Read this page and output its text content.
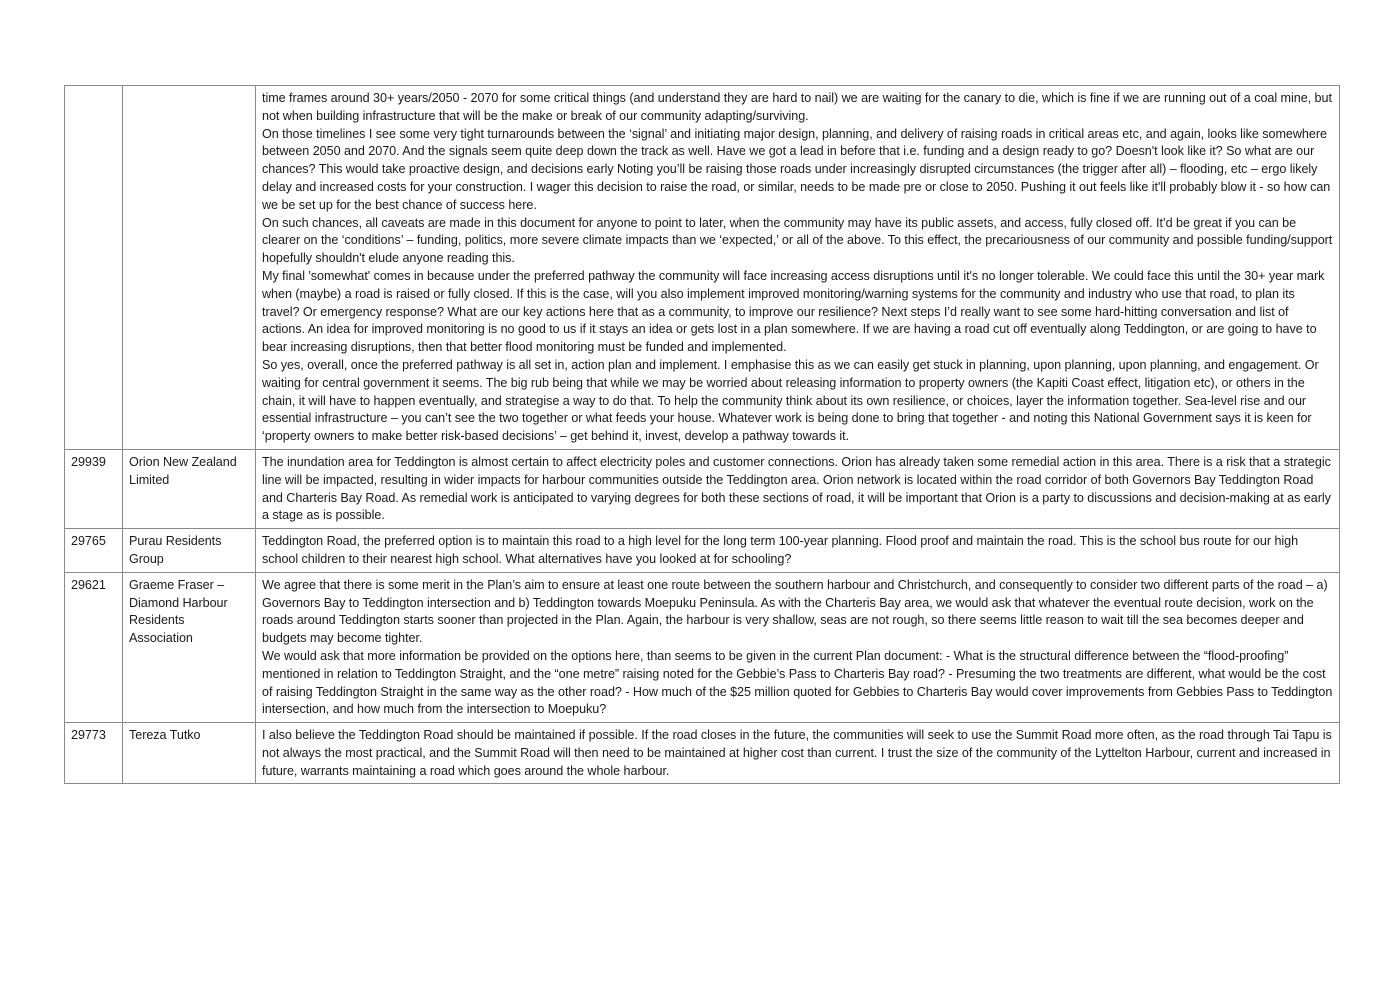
		time frames around 30+ years/2050 - 2070 for some critical things (and understand they are hard to nail) we are waiting for the canary to die, which is fine if we are running out of a coal mine, but not when building infrastructure that will be the make or break of our community adapting/surviving.

On those timelines I see some very tight turnarounds between the ‘signal’ and initiating major design, planning, and delivery of raising roads in critical areas etc, and again, looks like somewhere between 2050 and 2070. And the signals seem quite deep down the track as well. Have we got a lead in before that i.e. funding and a design ready to go? Doesn't look like it? So what are our chances? This would take proactive design, and decisions early Noting you’ll be raising those roads under increasingly disrupted circumstances (the trigger after all) – flooding, etc – ergo likely delay and increased costs for your construction. I wager this decision to raise the road, or similar, needs to be made pre or close to 2050. Pushing it out feels like it'll probably blow it - so how can we be set up for the best chance of success here.

On such chances, all caveats are made in this document for anyone to point to later, when the community may have its public assets, and access, fully closed off. It’d be great if you can be clearer on the ‘conditions’ – funding, politics, more severe climate impacts than we ‘expected,’ or all of the above. To this effect, the precariousness of our community and possible funding/support hopefully shouldn't elude anyone reading this.

My final 'somewhat' comes in because under the preferred pathway the community will face increasing access disruptions until it's no longer tolerable. We could face this until the 30+ year mark when (maybe) a road is raised or fully closed. If this is the case, will you also implement improved monitoring/warning systems for the community and industry who use that road, to plan its travel? Or emergency response? What are our key actions here that as a community, to improve our resilience? Next steps I’d really want to see some hard-hitting conversation and list of actions. An idea for improved monitoring is no good to us if it stays an idea or gets lost in a plan somewhere. If we are having a road cut off eventually along Teddington, or are going to have to bear increasing disruptions, then that better flood monitoring must be funded and implemented.

So yes, overall, once the preferred pathway is all set in, action plan and implement. I emphasise this as we can easily get stuck in planning, upon planning, upon planning, and engagement. Or waiting for central government it seems. The big rub being that while we may be worried about releasing information to property owners (the Kapiti Coast effect, litigation etc), or others in the chain, it will have to happen eventually, and strategise a way to do that. To help the community think about its own resilience, or choices, layer the information together. Sea-level rise and our essential infrastructure – you can’t see the two together or what feeds your house. Whatever work is being done to bring that together - and noting this National Government says it is keen for ‘property owners to make better risk-based decisions’ – get behind it, invest, develop a pathway towards it.

29939	Orion New Zealand Limited	The inundation area for Teddington is almost certain to affect electricity poles and customer connections. Orion has already taken some remedial action in this area. There is a risk that a strategic line will be impacted, resulting in wider impacts for harbour communities outside the Teddington area. Orion network is located within the road corridor of both Governors Bay Teddington Road and Charteris Bay Road. As remedial work is anticipated to varying degrees for both these sections of road, it will be important that Orion is a party to discussions and decision-making at as early a stage as is possible.

29765	Purau Residents Group	Teddington Road, the preferred option is to maintain this road to a high level for the long term 100-year planning. Flood proof and maintain the road. This is the school bus route for our high school children to their nearest high school. What alternatives have you looked at for schooling?

29621	Graeme Fraser – Diamond Harbour Residents Association	We agree that there is some merit in the Plan’s aim to ensure at least one route between the southern harbour and Christchurch, and consequently to consider two different parts of the road – a) Governors Bay to Teddington intersection and b) Teddington towards Moepuku Peninsula. As with the Charteris Bay area, we would ask that whatever the eventual route decision, work on the roads around Teddington starts sooner than projected in the Plan. Again, the harbour is very shallow, seas are not rough, so there seems little reason to wait till the sea becomes deeper and budgets may become tighter.

We would ask that more information be provided on the options here, than seems to be given in the current Plan document: - What is the structural difference between the “flood-proofing” mentioned in relation to Teddington Straight, and the “one metre” raising noted for the Gebbie’s Pass to Charteris Bay road? - Presuming the two treatments are different, what would be the cost of raising Teddington Straight in the same way as the other road? - How much of the $25 million quoted for Gebbies to Charteris Bay would cover improvements from Gebbies Pass to Teddington intersection, and how much from the intersection to Moepuku?

29773	Tereza Tutko	I also believe the Teddington Road should be maintained if possible. If the road closes in the future, the communities will seek to use the Summit Road more often, as the road through Tai Tapu is not always the most practical, and the Summit Road will then need to be maintained at higher cost than current. I trust the size of the community of the Lyttelton Harbour, current and increased in future, warrants maintaining a road which goes around the whole harbour.
